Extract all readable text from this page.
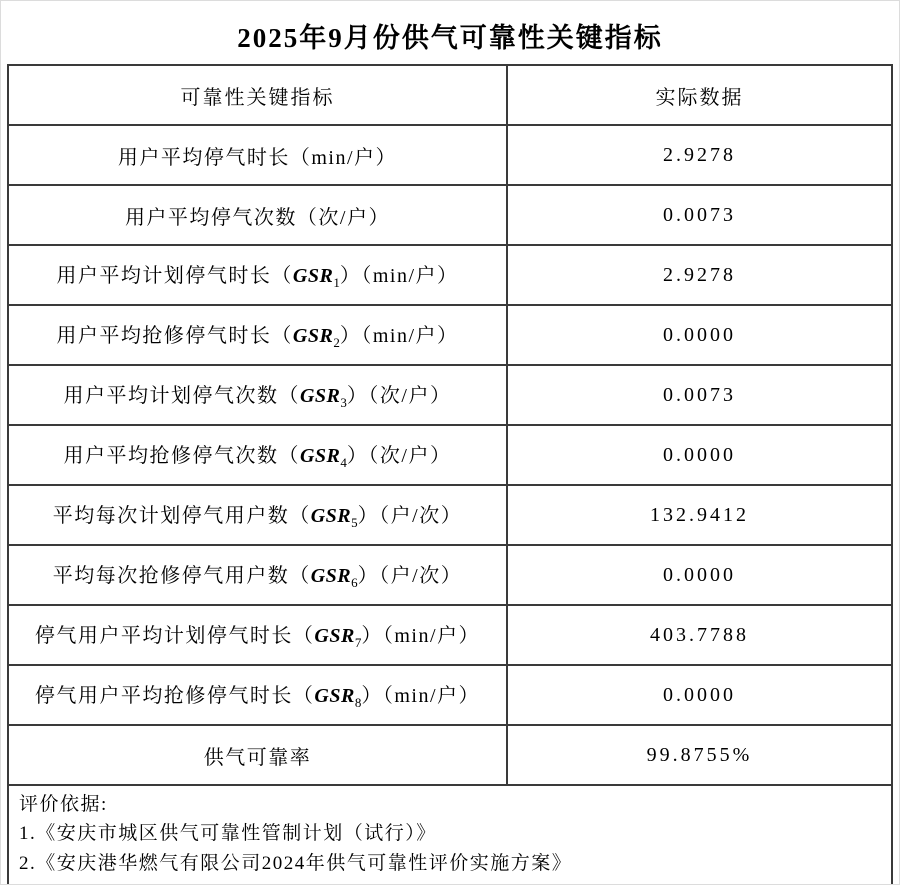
2025年9月份供气可靠性关键指标
可靠性关键指标	实际数据
用户平均停气时长（min/户）	2.9278
用户平均停气次数（次/户）	0.0073
用户平均计划停气时长$(GSR_1)(\min/$户）	2.9278
用户平均抢修停气时长$(GSR_2)(\min/$户）	0.0000
用户平均计划停气次数$(GSR_3)$（次/户）	0.0073
用户平均抢修停气次数$(GSR_4)$（次/户）	0.0000
平均每次计划停气用户数$(GSR_5)$（户/次）	132.9412
平均每次抢修停气用户数$(GSR_6)$（户/次）	0.0000
停气用户平均计划停气时长$(GSR_7)(\min/$户）	403.7788
停气用户平均抢修停气时长$(GSR_8)(\min/$户）	0.0000
供气可靠率	99.8755%

评价依据:
1.《安庆市城区供气可靠性管制计划（试行）》
2.《安庆港华燃气有限公司2024年供气可靠性评价实施方案》	
